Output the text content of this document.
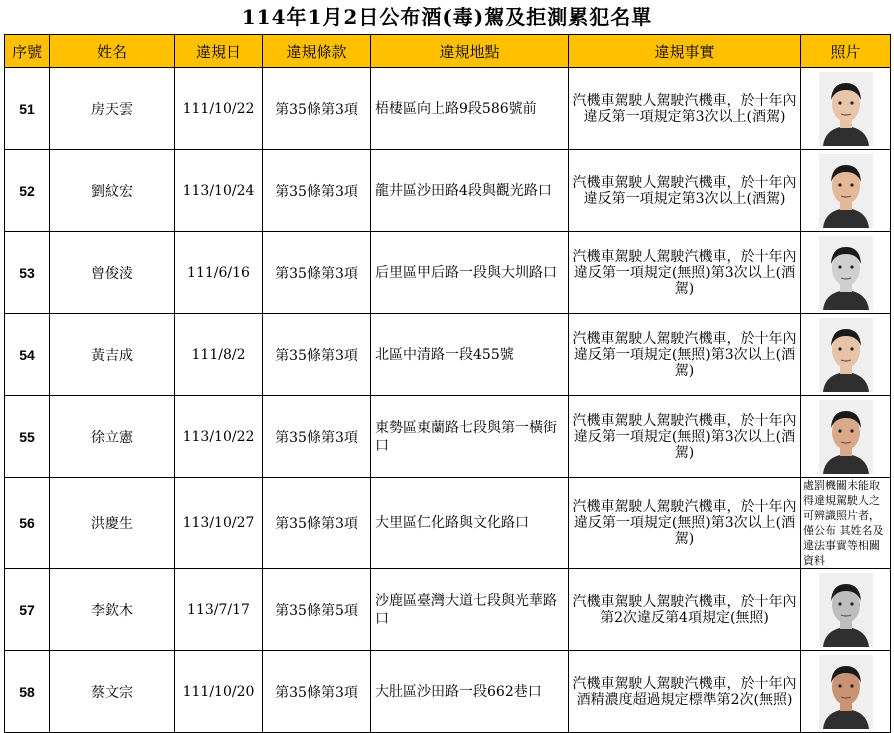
114年1月2日公布酒(毒)駕及拒測累犯名單
序號	姓名	違規日	違規條款	違規地點	違規事實	照片
51	房天雲	111/10/22	第35條第3項	梧棲區向上路9段586號前	汽機車駕駛人駕駛汽機車，於十年內違反第一項規定第3次以上(酒駕)	

52	劉紋宏	113/10/24	第35條第3項	龍井區沙田路4段與觀光路口	汽機車駕駛人駕駛汽機車，於十年內違反第一項規定第3次以上(酒駕)	

53	曾俊淩	111/6/16	第35條第3項	后里區甲后路一段與大圳路口	汽機車駕駛人駕駛汽機車，於十年內違反第一項規定(無照)第3次以上(酒駕)	

54	黃吉成	111/8/2	第35條第3項	北區中清路一段455號	汽機車駕駛人駕駛汽機車，於十年內違反第一項規定(無照)第3次以上(酒駕)	

55	徐立憲	113/10/22	第35條第3項	東勢區東蘭路七段與第一橫街口	汽機車駕駛人駕駛汽機車，於十年內違反第一項規定(無照)第3次以上(酒駕)	

56	洪慶生	113/10/27	第35條第3項	大里區仁化路與文化路口	汽機車駕駛人駕駛汽機車，於十年內違反第一項規定(無照)第3次以上(酒駕)	處罰機關未能取得違規駕駛人之可辨識照片者，僅公布 其姓名及違法事實等相關資料

57	李欽木	113/7/17	第35條第5項	沙鹿區臺灣大道七段與光華路口	汽機車駕駛人駕駛汽機車，於十年內第2次違反第4項規定(無照)	

58	蔡文宗	111/10/20	第35條第3項	大肚區沙田路一段662巷口	汽機車駕駛人駕駛汽機車，於十年內酒精濃度超過規定標準第2次(無照)	
